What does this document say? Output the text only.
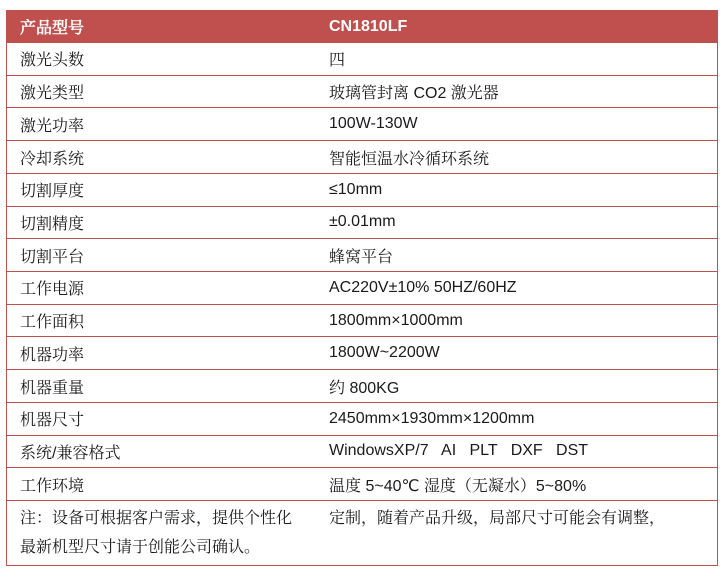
产品型号	CN1810LF
激光头数	四
激光类型	玻璃管封离 CO2 激光器
激光功率	100W-130W
冷却系统	智能恒温水冷循环系统
切割厚度	≤10mm
切割精度	±0.01mm
切割平台	蜂窝平台
工作电源	AC220V±10% 50HZ/60HZ
工作面积	1800mm×1000mm
机器功率	1800W~2200W
机器重量	约 800KG
机器尺寸	2450mm×1930mm×1200mm
系统/兼容格式	WindowsXP/7   AI   PLT   DXF   DST
工作环境	温度 5~40℃ 湿度（无凝水）5~80%
注：设备可根据客户需求，提供个性化	定制，随着产品升级，局部尺寸可能会有调整，
最新机型尺寸请于创能公司确认。
